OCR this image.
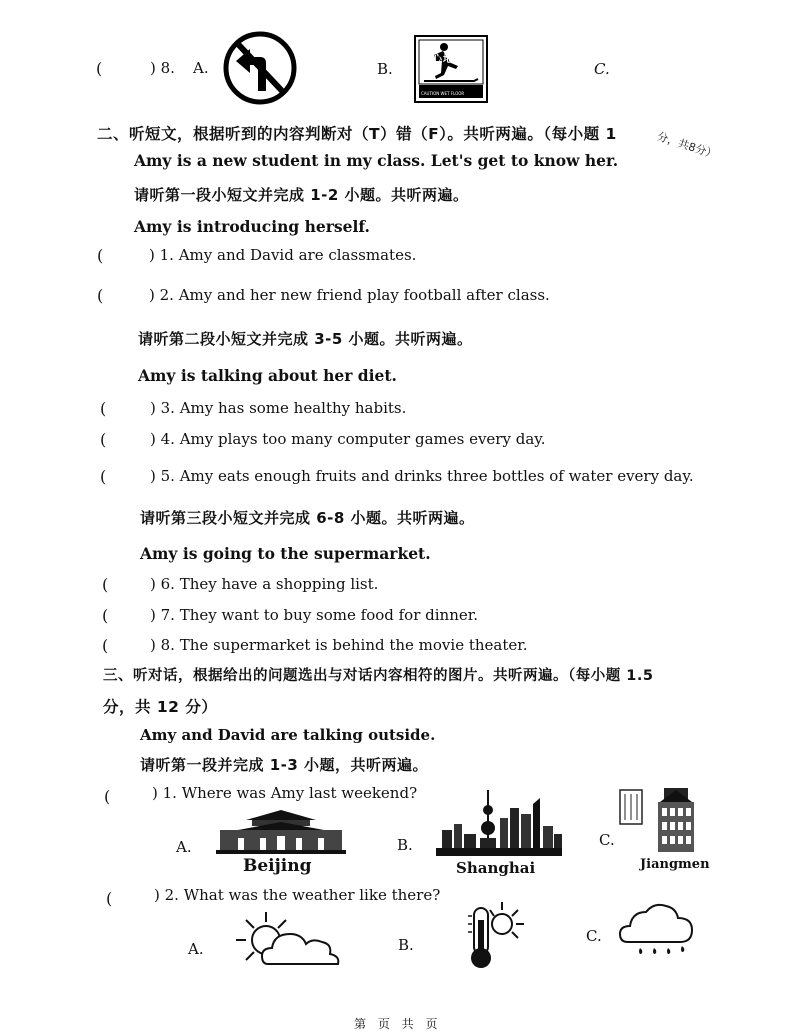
(	) 8. A.	B.
小心地滑
CAUTION WET FLOOR
C.
二、听短文，根据听到的内容判断对（T）错（F）。共听两遍。（每小题 1	分，共8分）
Amy is a new student in my class. Let's get to know her.
请听第一段小短文并完成 1-2 小题。共听两遍。
Amy is introducing herself.
(	) 1. Amy and David are classmates.
(	) 2. Amy and her new friend play football after class.
请听第二段小短文并完成 3-5 小题。共听两遍。
Amy is talking about her diet.
(	) 3. Amy has some healthy habits.
(	) 4. Amy plays too many computer games every day.
(	) 5. Amy eats enough fruits and drinks three bottles of water every day.
请听第三段小短文并完成 6-8 小题。共听两遍。
Amy is going to the supermarket.
(	) 6. They have a shopping list.
(	) 7. They want to buy some food for dinner.
(	) 8. The supermarket is behind the movie theater.
三、听对话，根据给出的问题选出与对话内容相符的图片。共听两遍。（每小题 1.5
分，共 12 分）
Amy and David are talking outside.
请听第一段并完成 1-3 小题，共听两遍。
(	) 1. Where was Amy last weekend?
A.
Beijing
B.
Shanghai
C.
Jiangmen
(	) 2. What was the weather like there?
A.	B.	C.
第 页 共 页
